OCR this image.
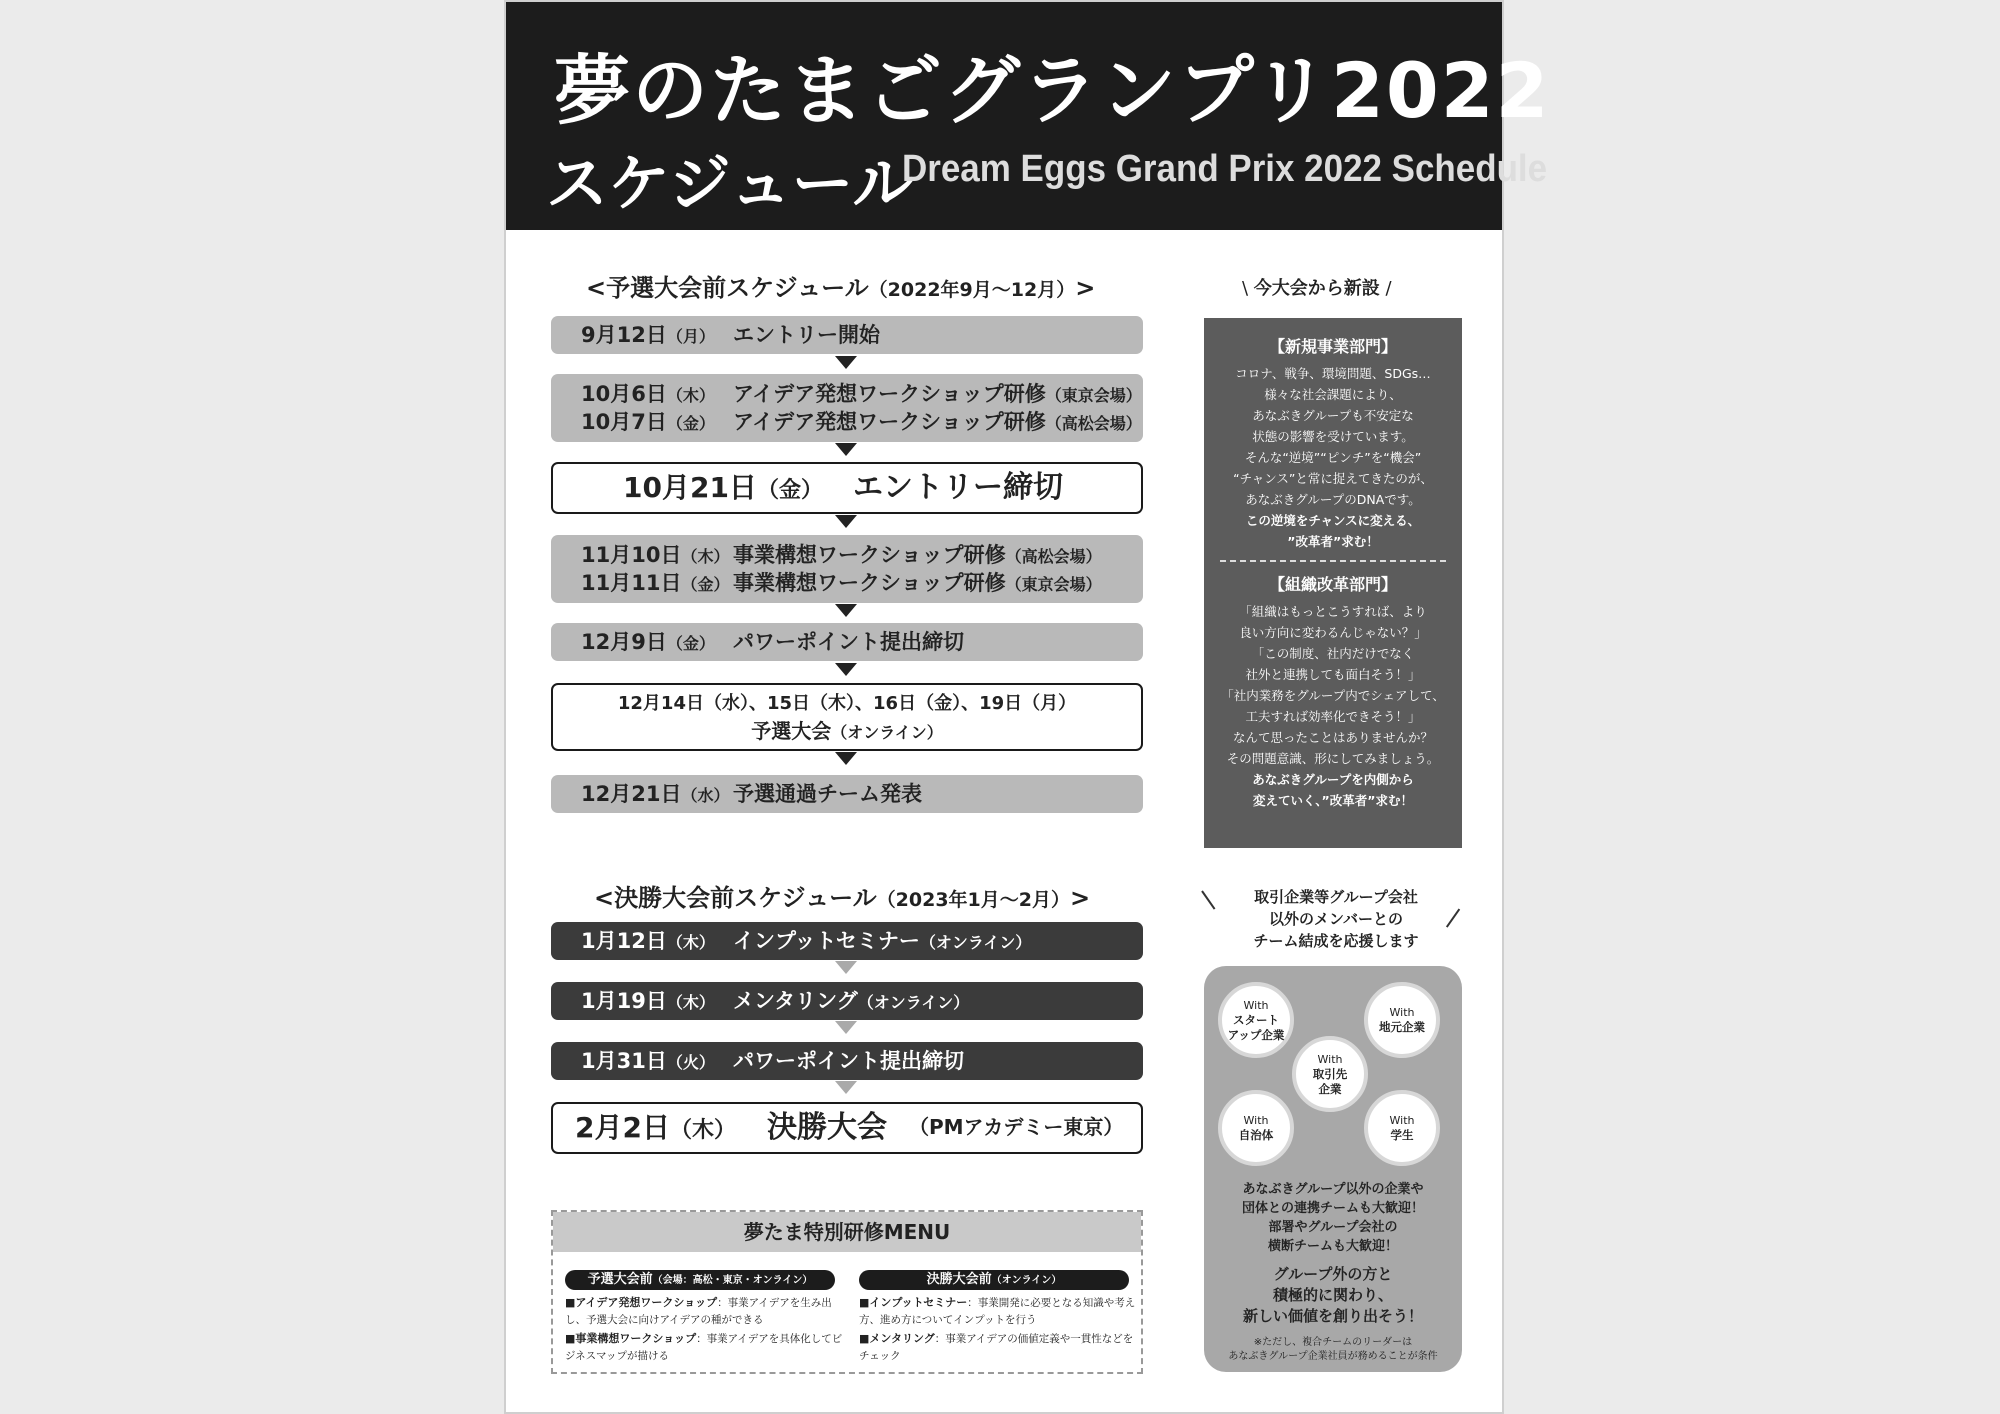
夢のたまごグランプリ2022
スケジュール
Dream Eggs Grand Prix 2022 Schedule
<予選大会前スケジュール（2022年9月～12月）>
9月12日（月） エントリー開始
10月6日（木） アイデア発想ワークショップ研修（東京会場）
10月7日（金） アイデア発想ワークショップ研修（高松会場）
10月21日（金） エントリー締切
11月10日（木） 事業構想ワークショップ研修（高松会場）
11月11日（金） 事業構想ワークショップ研修（東京会場）
12月9日（金） パワーポイント提出締切
12月14日（水）、15日（木）、16日（金）、19日（月）
予選大会（オンライン）
12月21日（水） 予選通過チーム発表
<決勝大会前スケジュール（2023年1月～2月）>
1月12日（木） インプットセミナー（オンライン）
1月19日（木） メンタリング（オンライン）
1月31日（火） パワーポイント提出締切
2月2日（木） 決勝大会 （PMアカデミー東京）
夢たま特別研修MENU
予選大会前（会場：高松・東京・オンライン）	決勝大会前（オンライン）
■アイデア発想ワークショップ：事業アイデアを生み出し、予選大会に向けアイデアの種ができる
■事業構想ワークショップ：事業アイデアを具体化してビジネスマップが描ける
■インプットセミナー：事業開発に必要となる知識や考え方、進め方についてインプットを行う
■メンタリング：事業アイデアの価値定義や一貫性などをチェック
\ 今大会から新設 /
【新規事業部門】
コロナ、戦争、環境問題、SDGs…
様々な社会課題により、
あなぶきグループも不安定な
状態の影響を受けています。
そんな“逆境”“ピンチ”を“機会”
“チャンス”と常に捉えてきたのが、
あなぶきグループのDNAです。
この逆境をチャンスに変える、
”改革者”求む！
【組織改革部門】
「組織はもっとこうすれば、より
良い方向に変わるんじゃない？」
「この制度、社内だけでなく
社外と連携しても面白そう！」
「社内業務をグループ内でシェアして、
工夫すれば効率化できそう！」
なんて思ったことはありませんか？
その問題意識、形にしてみましょう。
あなぶきグループを内側から
変えていく、”改革者”求む！
取引企業等グループ会社
以外のメンバーとの
チーム結成を応援します
With
スタート
アップ企業
With
地元企業
With
取引先
企業
With
自治体
With
学生
あなぶきグループ以外の企業や
団体との連携チームも大歓迎！
部署やグループ会社の
横断チームも大歓迎！
グループ外の方と
積極的に関わり、
新しい価値を創り出そう！
※ただし、複合チームのリーダーは
あなぶきグループ企業社員が務めることが条件
